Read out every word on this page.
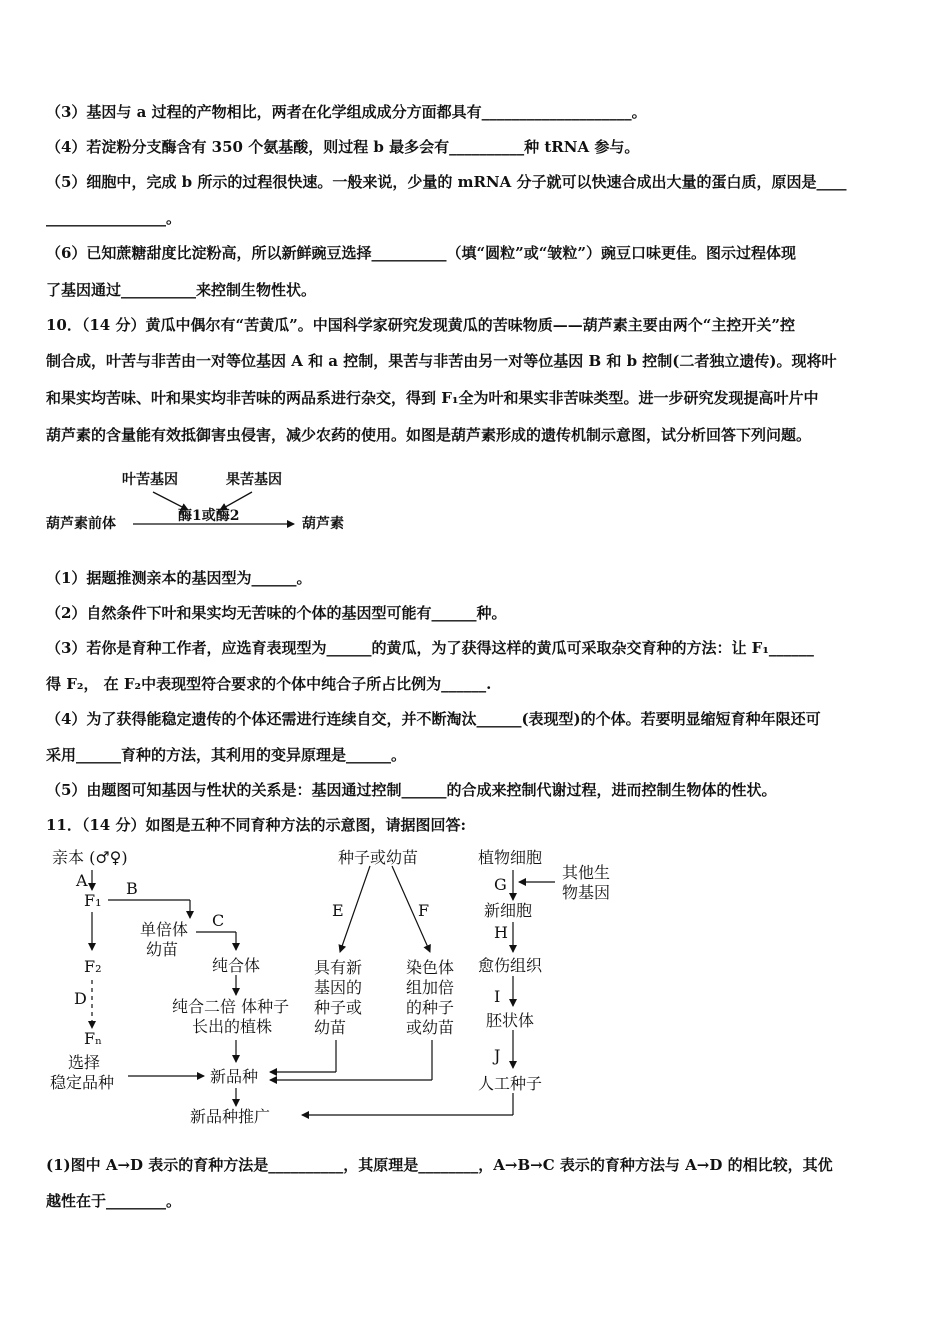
（3）基因与 a 过程的产物相比，两者在化学组成成分方面都具有____________________。
（4）若淀粉分支酶含有 350 个氨基酸，则过程 b 最多会有__________种 tRNA 参与。
（5）细胞中，完成 b 所示的过程很快速。一般来说，少量的 mRNA 分子就可以快速合成出大量的蛋白质，原因是____
________________。
（6）已知蔗糖甜度比淀粉高，所以新鲜豌豆选择__________（填“圆粒”或“皱粒”）豌豆口味更佳。图示过程体现
了基因通过__________来控制生物性状。
10．（14 分）黄瓜中偶尔有“苦黄瓜”。中国科学家研究发现黄瓜的苦味物质——葫芦素主要由两个“主控开关”控
制合成，叶苦与非苦由一对等位基因 A 和 a 控制，果苦与非苦由另一对等位基因 B 和 b 控制(二者独立遗传)。现将叶
和果实均苦味、叶和果实均非苦味的两品系进行杂交，得到 F₁全为叶和果实非苦味类型。进一步研究发现提高叶片中
葫芦素的含量能有效抵御害虫侵害，减少农药的使用。如图是葫芦素形成的遗传机制示意图，试分析回答下列问题。
叶苦基因	果苦基因
酶1或酶2
葫芦素前体	葫芦素
（1）据题推测亲本的基因型为______。
（2）自然条件下叶和果实均无苦味的个体的基因型可能有______种。
（3）若你是育种工作者，应选育表现型为______的黄瓜，为了获得这样的黄瓜可采取杂交育种的方法：让 F₁______
得 F₂， 在 F₂中表现型符合要求的个体中纯合子所占比例为______.
（4）为了获得能稳定遗传的个体还需进行连续自交，并不断淘汰______(表现型)的个体。若要明显缩短育种年限还可
采用______育种的方法，其利用的变异原理是______。
（5）由题图可知基因与性状的关系是：基因通过控制______的合成来控制代谢过程，进而控制生物体的性状。
11．（14 分）如图是五种不同育种方法的示意图，请据图回答:
亲本 (♂♀)
A B
F₁
单倍体
幼苗
C
纯合体
F₂
D
Fₙ
纯合二倍 体种子
长出的植株
选择
稳定品种	新品种
新品种推广
种子或幼苗
E	F
具有新
基因的
种子或
幼苗
染色体
组加倍
的种子
或幼苗
植物细胞
其他生
物基因
G
新细胞
H
愈伤组织
I
胚状体
J
人工种子
(1)图中 A→D 表示的育种方法是__________，其原理是________，A→B→C 表示的育种方法与 A→D 的相比较，其优
越性在于________。
